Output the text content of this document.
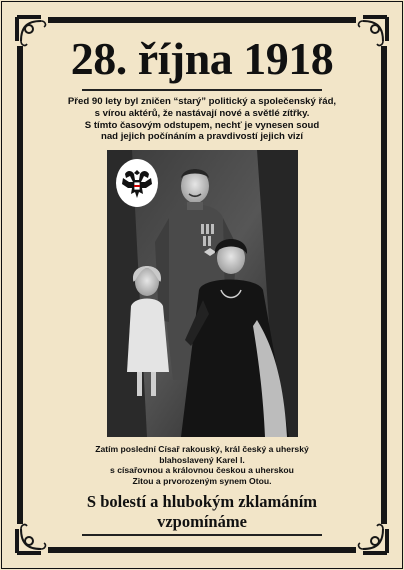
28. října 1918
Před 90 lety byl zničen “starý” politický a společenský řád,
s vírou aktérů, že nastávají nové a světlé zítřky.
S tímto časovým odstupem, nechť je vynesen soud
nad jejich počínáním a pravdivostí jejich vizí
Zatím poslední Císař rakouský, král český a uherský
blahoslavený Karel I.
s císařovnou a královnou českou a uherskou
Zitou a prvorozeným synem Otou.
S bolestí a hlubokým zklamáním
vzpomínáme
